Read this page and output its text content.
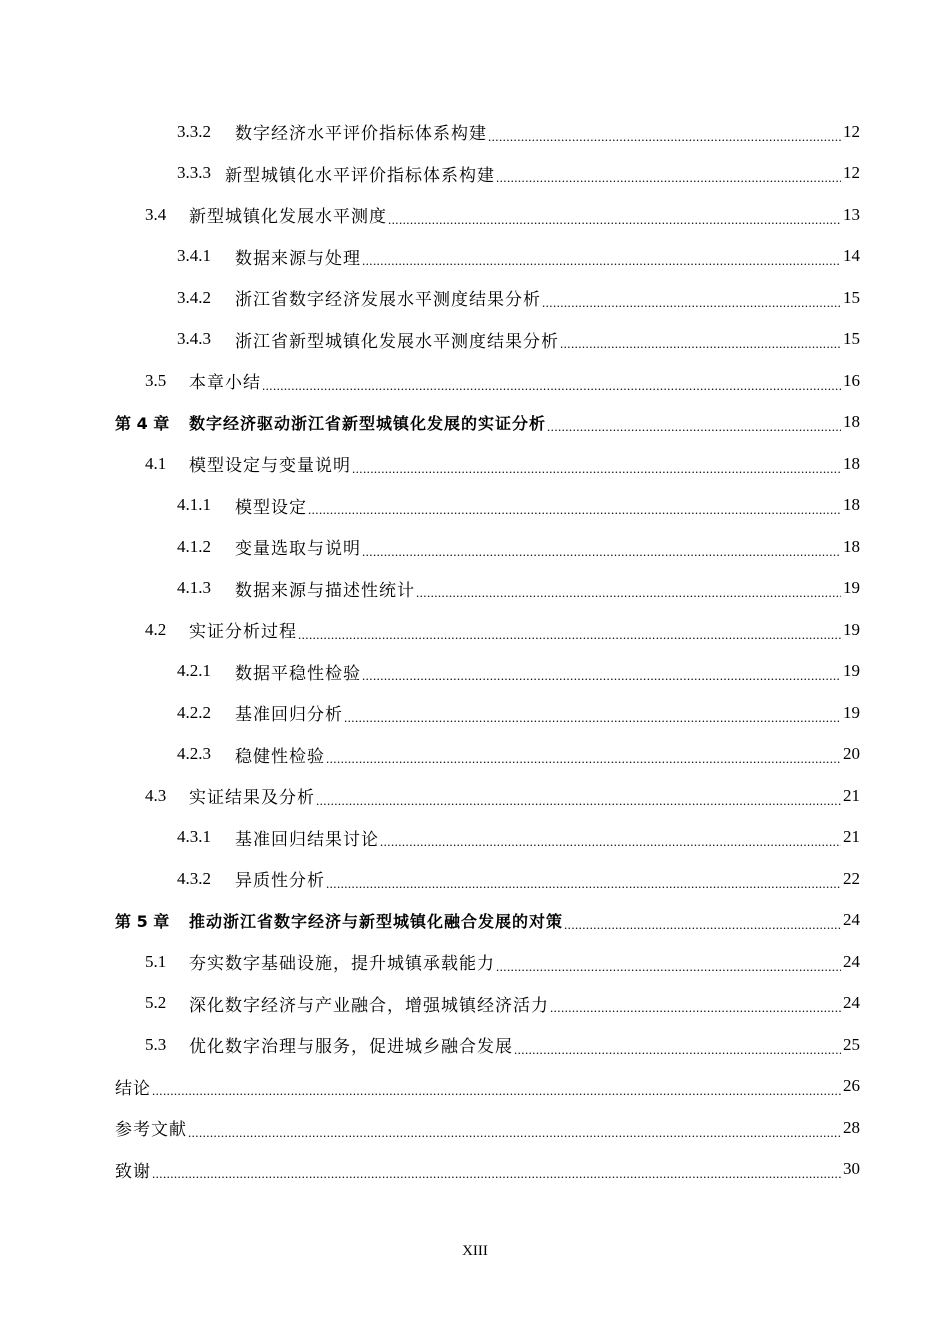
3.3.2	数字经济水平评价指标体系构建 .....	12
3.3.3 新型城镇化水平评价指标体系构建 .....	12
3.4	新型城镇化发展水平测度 .....	13
3.4.1	数据来源与处理 .....	14
3.4.2	浙江省数字经济发展水平测度结果分析 .....	15
3.4.3	浙江省新型城镇化发展水平测度结果分析 .....	15
3.5	本章小结 .....	16
第 4 章	数字经济驱动浙江省新型城镇化发展的实证分析 .....	18
4.1	模型设定与变量说明 .....	18
4.1.1	模型设定 .....	18
4.1.2	变量选取与说明 .....	18
4.1.3	数据来源与描述性统计 .....	19
4.2	实证分析过程 .....	19
4.2.1	数据平稳性检验 .....	19
4.2.2	基准回归分析 .....	19
4.2.3	稳健性检验 .....	20
4.3	实证结果及分析 .....	21
4.3.1	基准回归结果讨论 .....	21
4.3.2	异质性分析 .....	22
第 5 章	推动浙江省数字经济与新型城镇化融合发展的对策 .....	24
5.1	夯实数字基础设施，提升城镇承载能力 .....	24
5.2	深化数字经济与产业融合，增强城镇经济活力 .....	24
5.3	优化数字治理与服务，促进城乡融合发展 .....	25
结论 .....	26
参考文献 .....	28
致谢 .....	30
XIII
